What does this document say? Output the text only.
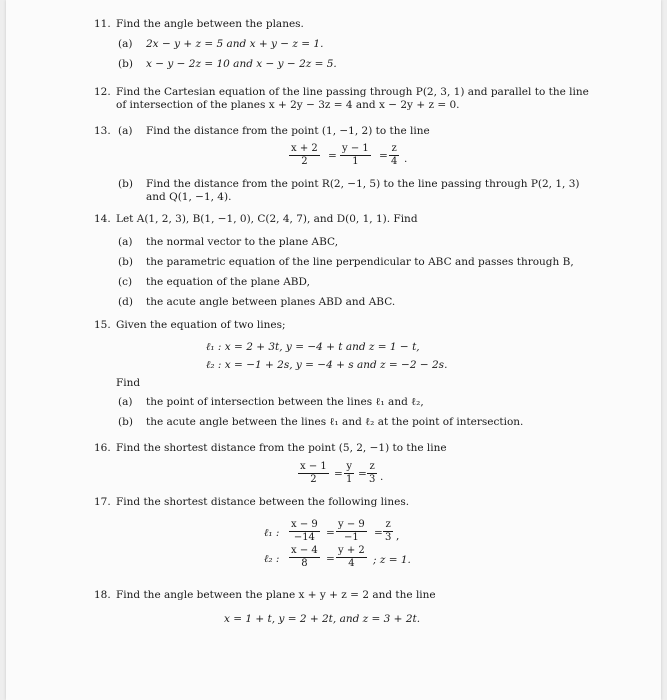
11. Find the angle between the planes.
(a) 2x − y + z = 5 and x + y − z = 1.
(b) x − y − 2z = 10 and x − y − 2z = 5.
12. Find the Cartesian equation of the line passing through P(2, 3, 1) and parallel to the line
of intersection of the planes x + 2y − 3z = 4 and x − 2y + z = 0.
13. (a) Find the distance from the point (1, −1, 2) to the line
$\frac{x + 2}{2} = \frac{y - 1}{1} = \frac{z}{4}$ .
(b) Find the distance from the point R(2, −1, 5) to the line passing through P(2, 1, 3)
and Q(1, −1, 4).
14. Let A(1, 2, 3), B(1, −1, 0), C(2, 4, 7), and D(0, 1, 1). Find
(a) the normal vector to the plane ABC,
(b) the parametric equation of the line perpendicular to ABC and passes through B,
(c) the equation of the plane ABD,
(d) the acute angle between planes ABD and ABC.
15. Given the equation of two lines;
ℓ₁ : x = 2 + 3t, y = −4 + t and z = 1 − t,
ℓ₂ : x = −1 + 2s, y = −4 + s and z = −2 − 2s.
Find
(a) the point of intersection between the lines ℓ₁ and ℓ₂,
(b) the acute angle between the lines ℓ₁ and ℓ₂ at the point of intersection.
16. Find the shortest distance from the point (5, 2, −1) to the line
$\frac{x - 1}{2} = \frac{y}{1} = \frac{z}{3}$ .
17. Find the shortest distance between the following lines.
ℓ₁ : $\frac{x - 9}{-14} = \frac{y - 9}{-1} = \frac{z}{3}$ ,
ℓ₂ : $\frac{x - 4}{8} = \frac{y + 2}{4}$ ; z = 1.
18. Find the angle between the plane x + y + z = 2 and the line
x = 1 + t, y = 2 + 2t, and z = 3 + 2t.
